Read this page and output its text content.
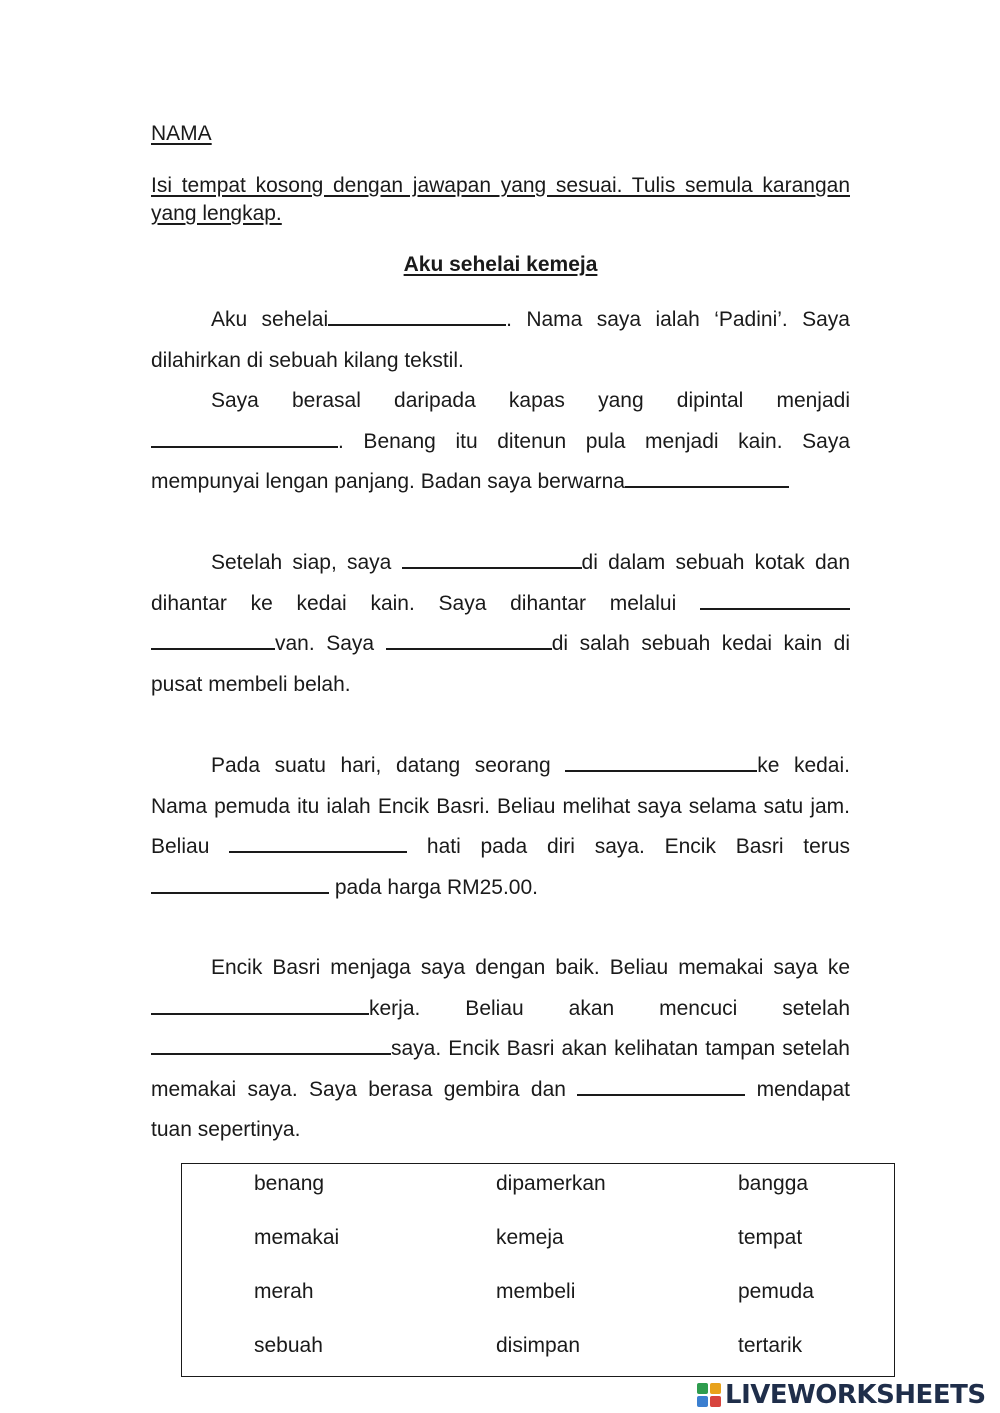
NAMA
Isi tempat kosong dengan jawapan yang sesuai. Tulis semula karangan yang lengkap.
Aku sehelai kemeja

Aku sehelai	. Nama saya ialah ‘Padini’. Saya dilahirkan di sebuah kilang tekstil.

Saya berasal daripada kapas yang dipintal menjadi . Benang itu ditenun pula menjadi kain. Saya mempunyai lengan panjang. Badan saya berwarna

Setelah siap, saya	di dalam sebuah kotak dan dihantar ke kedai kain. Saya dihantar melalui  van. Saya	di salah sebuah kedai kain di pusat membeli belah.

Pada suatu hari, datang seorang	ke kedai. Nama pemuda itu ialah Encik Basri. Beliau melihat saya selama satu jam. Beliau	hati pada diri saya. Encik Basri terus  pada harga RM25.00.

Encik Basri menjaga saya dengan baik. Beliau memakai saya ke kerja. Beliau akan mencuci setelah saya. Encik Basri akan kelihatan tampan setelah memakai saya. Saya berasa gembira dan	mendapat tuan sepertinya.

benang	dipamerkan	bangga
memakai	kemeja	tempat
merah	membeli	pemuda
sebuah	disimpan	tertarik
LIVEWORKSHEETS
